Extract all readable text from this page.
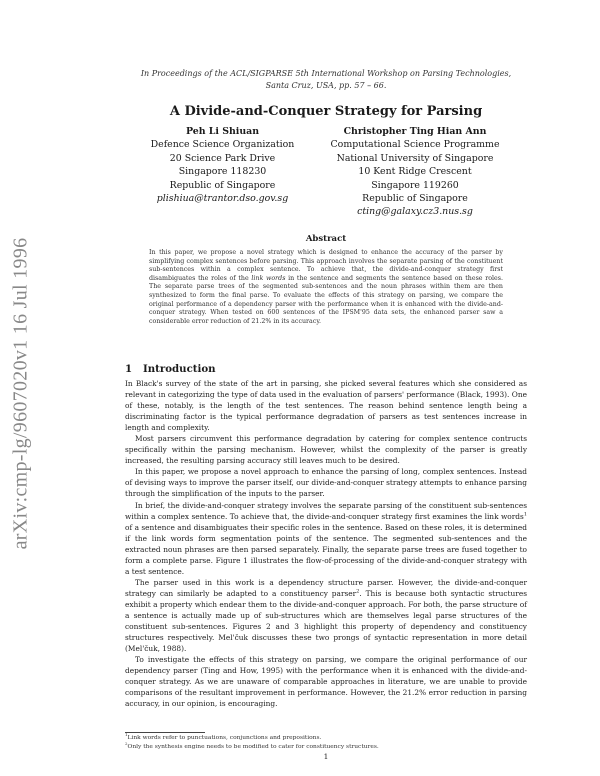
arXiv:cmp-lg/9607020v1 16 Jul 1996
In Proceedings of the ACL/SIGPARSE 5th International Workshop on Parsing Technologies,
Santa Cruz, USA, pp. 57 – 66.
A Divide-and-Conquer Strategy for Parsing
Peh Li Shiuan
Defence Science Organization
20 Science Park Drive
Singapore 118230
Republic of Singapore
plishiua@trantor.dso.gov.sg
Christopher Ting Hian Ann
Computational Science Programme
National University of Singapore
10 Kent Ridge Crescent
Singapore 119260
Republic of Singapore
cting@galaxy.cz3.nus.sg
Abstract

In this paper, we propose a novel strategy which is designed to enhance the accuracy of the parser by simplifying complex sentences before parsing. This approach involves the separate parsing of the constituent sub-sentences within a complex sentence. To achieve that, the divide-and-conquer strategy first disambiguates the roles of the link words in the sentence and segments the sentence based on these roles. The separate parse trees of the segmented sub-sentences and the noun phrases within them are then synthesized to form the final parse. To evaluate the effects of this strategy on parsing, we compare the original performance of a dependency parser with the performance when it is enhanced with the divide-and-conquer strategy. When tested on 600 sentences of the IPSM'95 data sets, the enhanced parser saw a considerable error reduction of 21.2% in its accuracy.

1 Introduction

In Black's survey of the state of the art in parsing, she picked several features which she considered as relevant in categorizing the type of data used in the evaluation of parsers' performance (Black, 1993). One of these, notably, is the length of the test sentences. The reason behind sentence length being a discriminating factor is the typical performance degradation of parsers as test sentences increase in length and complexity.

Most parsers circumvent this performance degradation by catering for complex sentence contructs specifically within the parsing mechanism. However, whilst the complexity of the parser is greatly increased, the resulting parsing accuracy still leaves much to be desired.

In this paper, we propose a novel approach to enhance the parsing of long, complex sentences. Instead of devising ways to improve the parser itself, our divide-and-conquer strategy attempts to enhance parsing through the simplification of the inputs to the parser.

In brief, the divide-and-conquer strategy involves the separate parsing of the constituent sub-sentences within a complex sentence. To achieve that, the divide-and-conquer strategy first examines the link words$^1$ of a sentence and disambiguates their specific roles in the sentence. Based on these roles, it is determined if the link words form segmentation points of the sentence. The segmented sub-sentences and the extracted noun phrases are then parsed separately. Finally, the separate parse trees are fused together to form a complete parse. Figure 1 illustrates the flow-of-processing of the divide-and-conquer strategy with a test sentence.

The parser used in this work is a dependency structure parser. However, the divide-and-conquer strategy can similarly be adapted to a constituency parser$^2$. This is because both syntactic structures exhibit a property which endear them to the divide-and-conquer approach. For both, the parse structure of a sentence is actually made up of sub-structures which are themselves legal parse structures of the constituent sub-sentences. Figures 2 and 3 highlight this property of dependency and constituency structures respectively. Mel'čuk discusses these two prongs of syntactic representation in more detail (Mel'čuk, 1988).

To investigate the effects of this strategy on parsing, we compare the original performance of our dependency parser (Ting and How, 1995) with the performance when it is enhanced with the divide-and-conquer strategy. As we are unaware of comparable approaches in literature, we are unable to provide comparisons of the resultant improvement in performance. However, the 21.2% error reduction in parsing accuracy, in our opinion, is encouraging.

$^1$Link words refer to punctuations, conjunctions and prepositions.
$^2$Only the synthesis engine needs to be modified to cater for constituency structures.
1
